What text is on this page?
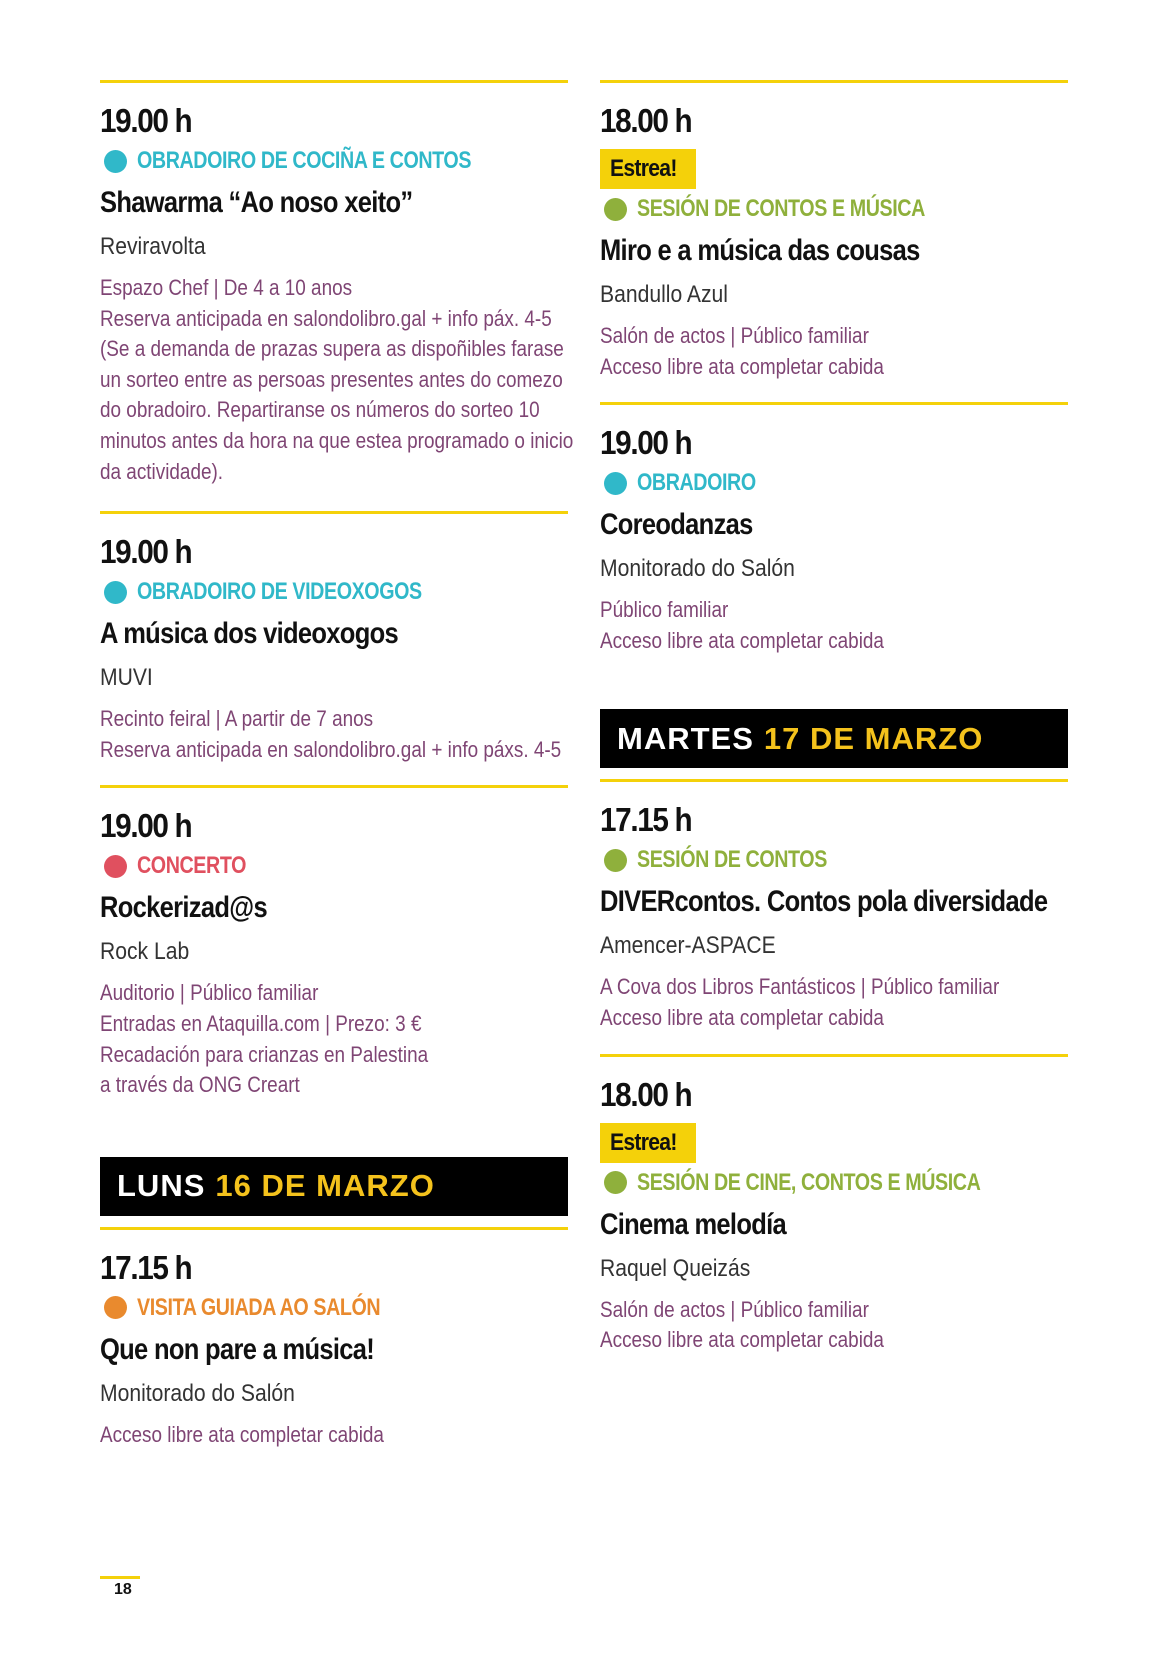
19.00 h
OBRADOIRO DE COCIÑA E CONTOS
Shawarma “Ao noso xeito”
Reviravolta
Espazo Chef | De 4 a 10 anos
Reserva anticipada en salondolibro.gal + info páx. 4-5
(Se a demanda de prazas supera as dispoñibles farase
un sorteo entre as persoas presentes antes do comezo
do obradoiro. Repartiranse os números do sorteo 10
minutos antes da hora na que estea programado o inicio
da actividade).
19.00 h
OBRADOIRO DE VIDEOXOGOS
A música dos videoxogos
MUVI
Recinto feiral | A partir de 7 anos
Reserva anticipada en salondolibro.gal + info páxs. 4-5
19.00 h
CONCERTO
Rockerizad@s
Rock Lab
Auditorio | Público familiar
Entradas en Ataquilla.com | Prezo: 3 €
Recadación para crianzas en Palestina
a través da ONG Creart
LUNS 16 DE MARZO
17.15 h
VISITA GUIADA AO SALÓN
Que non pare a música!
Monitorado do Salón
Acceso libre ata completar cabida
18.00 h
Estrea!
SESIÓN DE CONTOS E MÚSICA
Miro e a música das cousas
Bandullo Azul
Salón de actos | Público familiar
Acceso libre ata completar cabida
19.00 h
OBRADOIRO
Coreodanzas
Monitorado do Salón
Público familiar
Acceso libre ata completar cabida
MARTES 17 DE MARZO
17.15 h
SESIÓN DE CONTOS
DIVERcontos. Contos pola diversidade
Amencer-ASPACE
A Cova dos Libros Fantásticos | Público familiar
Acceso libre ata completar cabida
18.00 h
Estrea!
SESIÓN DE CINE, CONTOS E MÚSICA
Cinema melodía
Raquel Queizás
Salón de actos | Público familiar
Acceso libre ata completar cabida
18
